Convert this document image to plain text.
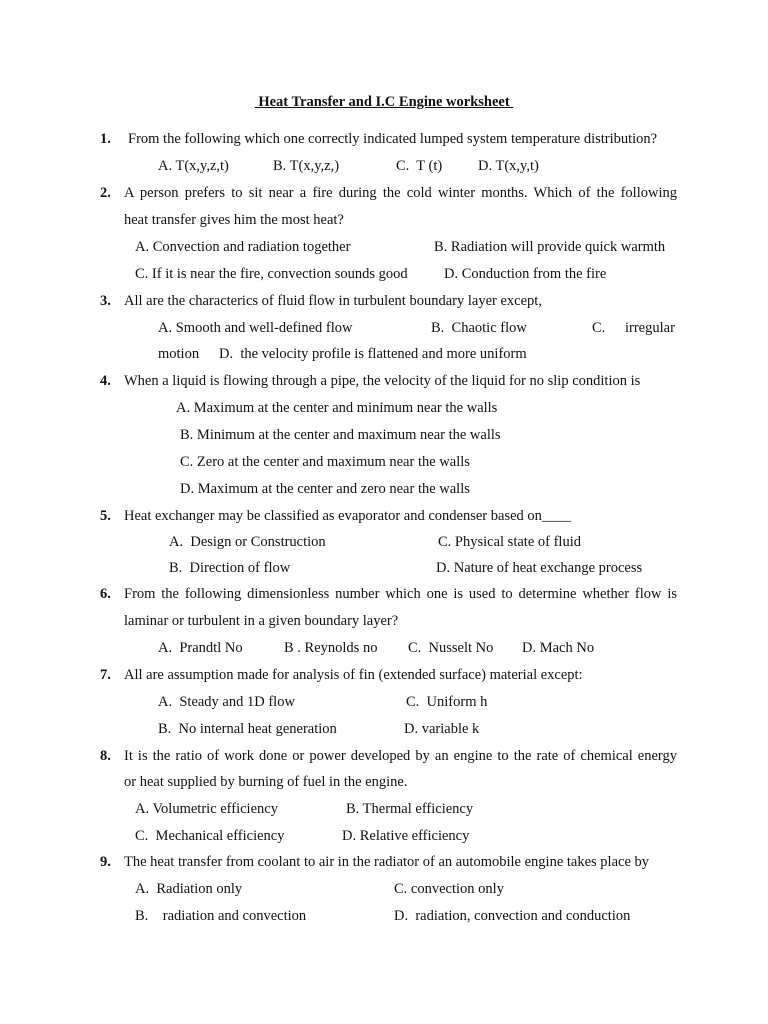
Heat Transfer and I.C Engine worksheet
1. From the following which one correctly indicated lumped system temperature distribution?
A. T(x,y,z,t)	B. T(x,y,z,)	C.  T (t) D. T(x,y,t)
2. A person prefers to sit near a fire during the cold winter months. Which of the following
heat transfer gives him the most heat?
A. Convection and radiation together	B. Radiation will provide quick warmth
C. If it is near the fire, convection sounds good	D. Conduction from the fire
3. All are the characterics of fluid flow in turbulent boundary layer except,
A. Smooth and well-defined flow	B.  Chaotic flow	C. irregular
motion D.  the velocity profile is flattened and more uniform
4. When a liquid is flowing through a pipe, the velocity of the liquid for no slip condition is
A. Maximum at the center and minimum near the walls
B. Minimum at the center and maximum near the walls
C. Zero at the center and maximum near the walls
D. Maximum at the center and zero near the walls
5. Heat exchanger may be classified as evaporator and condenser based on____
A.  Design or Construction	C. Physical state of fluid
B.  Direction of flow	D. Nature of heat exchange process
6. From the following dimensionless number which one is used to determine whether flow is
laminar or turbulent in a given boundary layer?
A.  Prandtl No	B . Reynolds no C.  Nusselt No D. Mach No
7. All are assumption made for analysis of fin (extended surface) material except:
A.  Steady and 1D flow	C.  Uniform h
B.  No internal heat generation	D. variable k
8. It is the ratio of work done or power developed by an engine to the rate of chemical energy
or heat supplied by burning of fuel in the engine.
A. Volumetric efficiency	B. Thermal efficiency
C.  Mechanical efficiency	D. Relative efficiency
9. The heat transfer from coolant to air in the radiator of an automobile engine takes place by
A.  Radiation only	C. convection only
B.    radiation and convection	D.  radiation, convection and conduction
